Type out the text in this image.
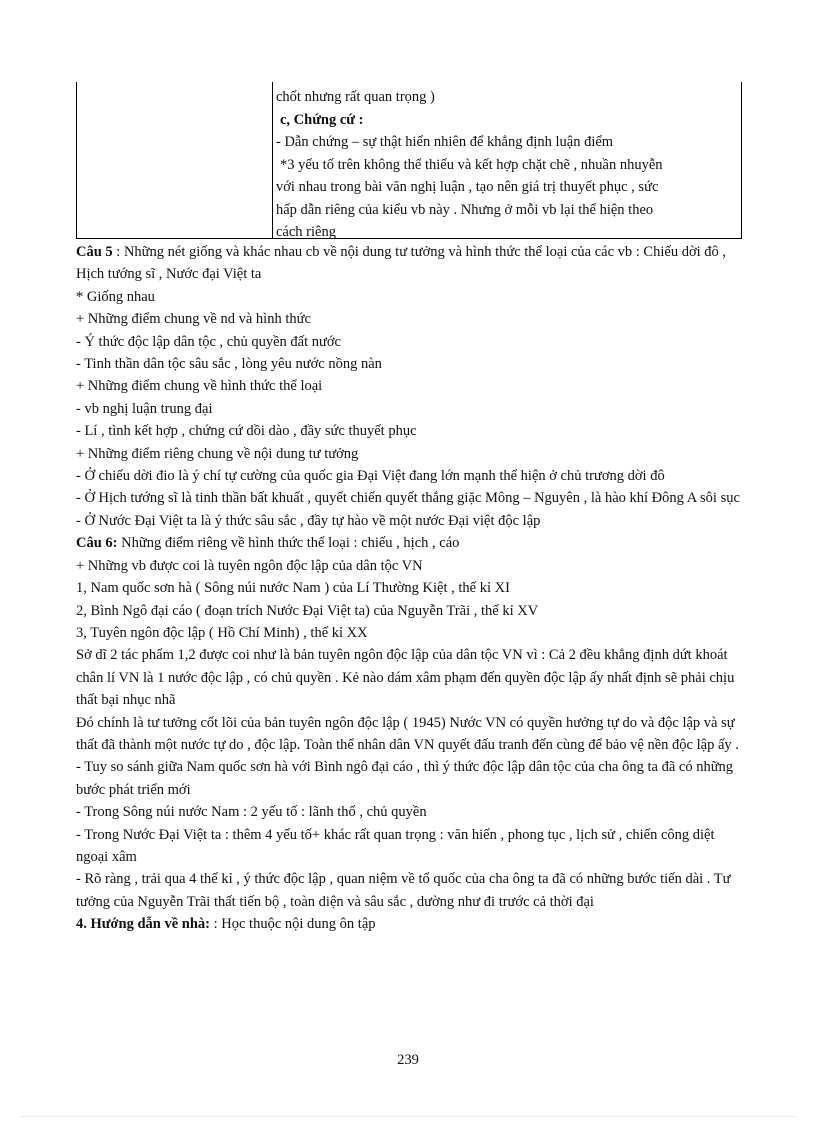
chốt nhưng rất quan trọng )
c, Chứng cứ :
- Dẫn chứng – sự thật hiển nhiên để khẳng định luận điểm
*3 yếu tố trên không thể thiếu và kết hợp chặt chẽ , nhuần nhuyễn
với nhau trong bài văn nghị luận , tạo nên giá trị thuyết phục , sức
hấp dẫn riêng của kiểu vb này . Nhưng ở mỗi vb lại thể hiện theo
cách riêng

Câu 5 : Những nét giống và khác nhau cb về nội dung tư tưởng và hình thức thể loại của các vb : Chiếu dời đô , Hịch tướng sĩ , Nước đại Việt ta

* Giống nhau

+ Những điểm chung về nd và hình thức

- Ý thức độc lập dân tộc , chủ quyền đất nước

- Tinh thần dân tộc sâu sắc , lòng yêu nước nồng nàn

+ Những điểm chung về hình thức thể loại

- vb nghị luận trung đại

- Lí , tình kết hợp , chứng cứ dồi dào , đầy sức thuyết phục

+ Những điểm riêng chung về nội dung tư tưởng

- Ở chiếu dời đio là ý chí tự cường của quốc gia Đại Việt đang lớn mạnh thể hiện ở chủ trương dời đô

- Ở Hịch tướng sĩ là tinh thần bất khuất , quyết chiến quyết thắng giặc Mông – Nguyên , là hào khí Đông A sôi sục

- Ở Nước Đại Việt ta là ý thức sâu sắc , đầy tự hào về một nước Đại việt độc lập

Câu 6: Những điểm riêng về hình thức thể loại : chiếu , hịch , cáo

+ Những vb được coi là tuyên ngôn độc lập của dân tộc VN

1, Nam quốc sơn hà ( Sông núi nước Nam ) của Lí Thường Kiệt , thế kỉ XI

2, Bình Ngô đại cáo ( đoạn trích Nước Đại Việt ta) của Nguyễn Trãi , thế kỉ XV

3, Tuyên ngôn độc lập ( Hồ Chí Minh) , thế kỉ XX

Sở dĩ 2 tác phẩm 1,2 được coi như là bản tuyên ngôn độc lập của dân tộc VN vì : Cả 2 đều khẳng định dứt khoát chân lí VN là 1 nước độc lập , có chủ quyền . Kẻ nào dám xâm phạm đến quyền độc lập ấy nhất định sẽ phải chịu thất bại nhục nhã

Đó chính là tư tưởng cốt lõi của bản tuyên ngôn độc lập ( 1945) Nước VN có quyền hưởng tự do và độc lập và sự thất đã thành một nước tự do , độc lập. Toàn thể nhân dân VN quyết đấu tranh đến cùng để bảo vệ nền độc lập ấy .

- Tuy so sánh giữa Nam quốc sơn hà với Bình ngô đại cáo , thì ý thức độc lập dân tộc của cha ông ta đã có những bước phát triển mới

- Trong Sông núi nước Nam : 2 yếu tố : lãnh thổ , chủ quyền

- Trong Nước Đại Việt ta : thêm 4 yếu tố+ khác rất quan trọng : văn hiến , phong tục , lịch sử , chiến công diệt ngoại xâm

- Rõ ràng , trải qua 4 thế kỉ , ý thức độc lập , quan niệm về tổ quốc của cha ông ta đã có những bước tiến dài . Tư tưởng của Nguyễn Trãi thất tiến bộ , toàn diện và sâu sắc , dường như đi trước cả thời đại

4. Hướng dẫn về nhà: : Học thuộc nội dung ôn tập

239
